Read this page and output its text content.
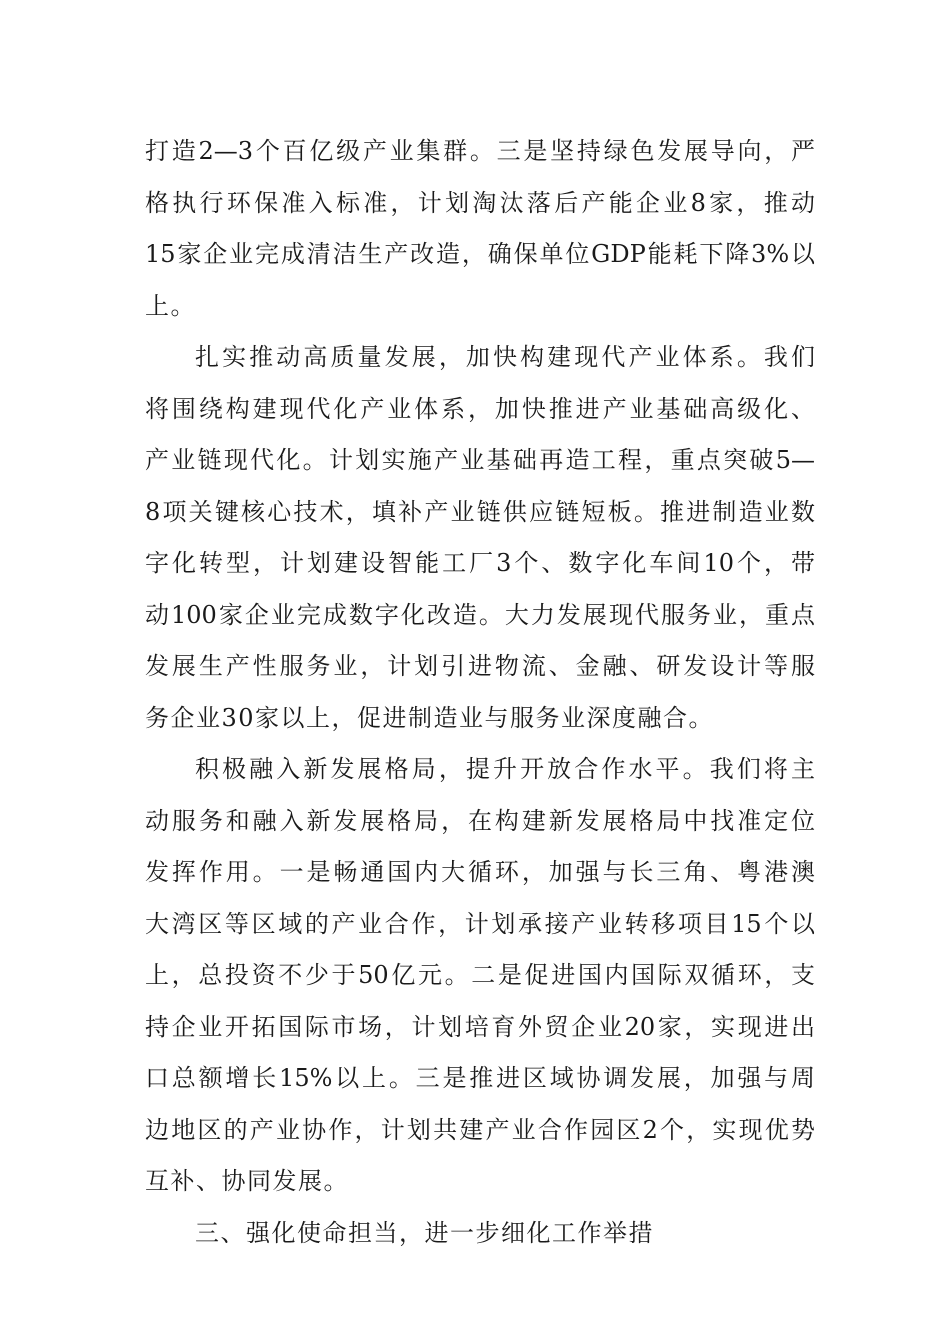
打造2—3个百亿级产业集群。三是坚持绿色发展导向，严
格执行环保准入标准，计划淘汰落后产能企业8家，推动
15家企业完成清洁生产改造，确保单位GDP能耗下降3%以
上。
扎实推动高质量发展，加快构建现代产业体系。我们
将围绕构建现代化产业体系，加快推进产业基础高级化、
产业链现代化。计划实施产业基础再造工程，重点突破5—
8项关键核心技术，填补产业链供应链短板。推进制造业数
字化转型，计划建设智能工厂3个、数字化车间10个，带
动100家企业完成数字化改造。大力发展现代服务业，重点
发展生产性服务业，计划引进物流、金融、研发设计等服
务企业30家以上，促进制造业与服务业深度融合。
积极融入新发展格局，提升开放合作水平。我们将主
动服务和融入新发展格局，在构建新发展格局中找准定位
发挥作用。一是畅通国内大循环，加强与长三角、粤港澳
大湾区等区域的产业合作，计划承接产业转移项目15个以
上，总投资不少于50亿元。二是促进国内国际双循环，支
持企业开拓国际市场，计划培育外贸企业20家，实现进出
口总额增长15%以上。三是推进区域协调发展，加强与周
边地区的产业协作，计划共建产业合作园区2个，实现优势
互补、协同发展。
三、强化使命担当，进一步细化工作举措
